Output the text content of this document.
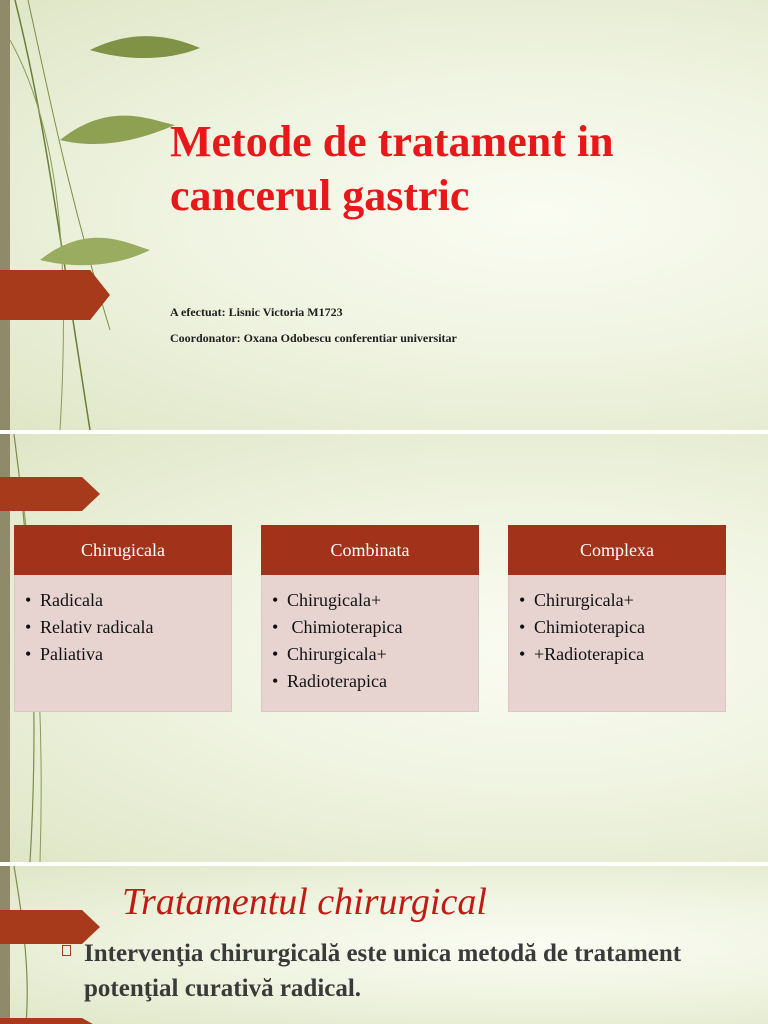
Metode de tratament in cancerul gastric
A efectuat: Lisnic Victoria M1723
Coordonator: Oxana Odobescu conferentiar universitar
Chirugicala
• Radicala
• Relativ radicala
• Paliativa
Combinata
• Chirugicala+
•  Chimioterapica
• Chirurgicala+
• Radioterapica
Complexa
• Chirurgicala+
• Chimioterapica
• +Radioterapica
Tratamentul chirurgical

Intervenţia chirurgicală este unica metodă de tratament potenţial curativă radical.
